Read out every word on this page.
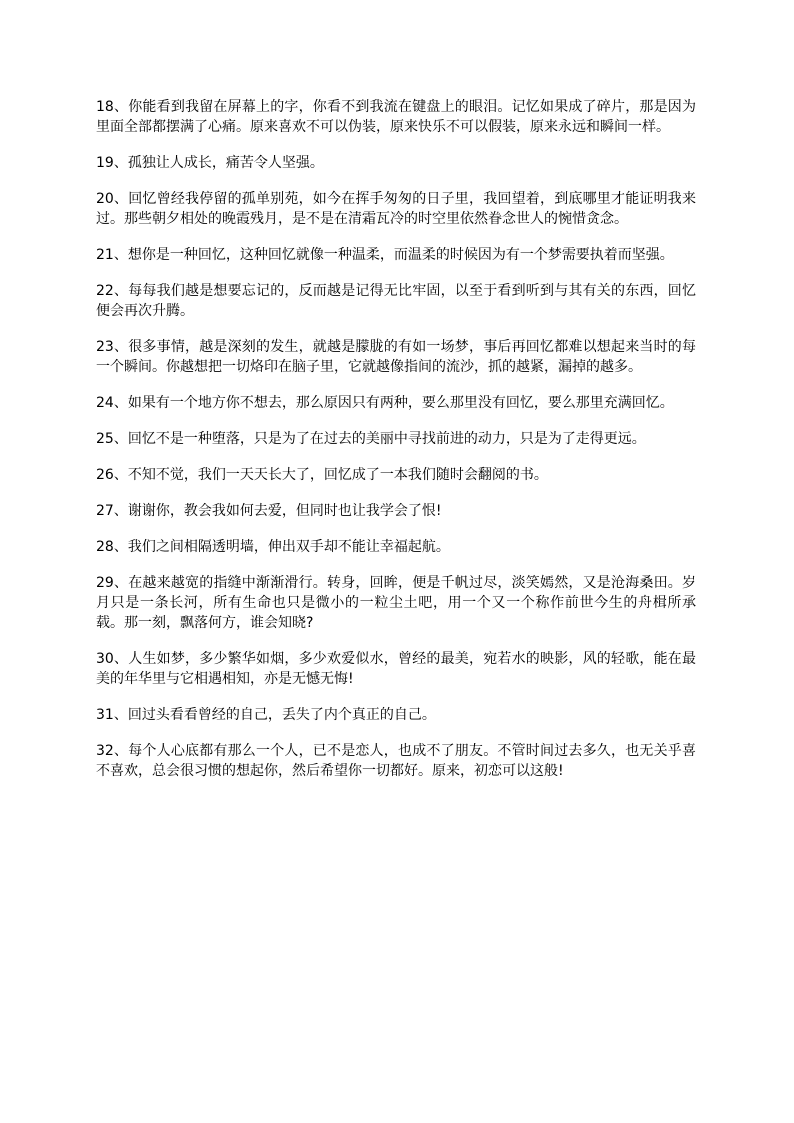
18、你能看到我留在屏幕上的字，你看不到我流在键盘上的眼泪。记忆如果成了碎片，那是因为里面全部都摆满了心痛。原来喜欢不可以伪装，原来快乐不可以假装，原来永远和瞬间一样。

19、孤独让人成长，痛苦令人坚强。

20、回忆曾经我停留的孤单别苑，如今在挥手匆匆的日子里，我回望着，到底哪里才能证明我来过。那些朝夕相处的晚霞残月，是不是在清霜瓦冷的时空里依然眷念世人的惋惜贪念。

21、想你是一种回忆，这种回忆就像一种温柔，而温柔的时候因为有一个梦需要执着而坚强。

22、每每我们越是想要忘记的，反而越是记得无比牢固，以至于看到听到与其有关的东西，回忆便会再次升腾。

23、很多事情，越是深刻的发生，就越是朦胧的有如一场梦，事后再回忆都难以想起来当时的每一个瞬间。你越想把一切烙印在脑子里，它就越像指间的流沙，抓的越紧，漏掉的越多。

24、如果有一个地方你不想去，那么原因只有两种，要么那里没有回忆，要么那里充满回忆。

25、回忆不是一种堕落，只是为了在过去的美丽中寻找前进的动力，只是为了走得更远。

26、不知不觉，我们一天天长大了，回忆成了一本我们随时会翻阅的书。

27、谢谢你，教会我如何去爱，但同时也让我学会了恨!

28、我们之间相隔透明墙，伸出双手却不能让幸福起航。

29、在越来越宽的指缝中渐渐滑行。转身，回眸，便是千帆过尽，淡笑嫣然，又是沧海桑田。岁月只是一条长河，所有生命也只是微小的一粒尘土吧，用一个又一个称作前世今生的舟楫所承载。那一刻，飘落何方，谁会知晓?

30、人生如梦，多少繁华如烟，多少欢爱似水，曾经的最美，宛若水的映影，风的轻歌，能在最美的年华里与它相遇相知，亦是无憾无悔!

31、回过头看看曾经的自己，丢失了内个真正的自己。

32、每个人心底都有那么一个人，已不是恋人，也成不了朋友。不管时间过去多久，也无关乎喜不喜欢，总会很习惯的想起你，然后希望你一切都好。原来，初恋可以这般!
